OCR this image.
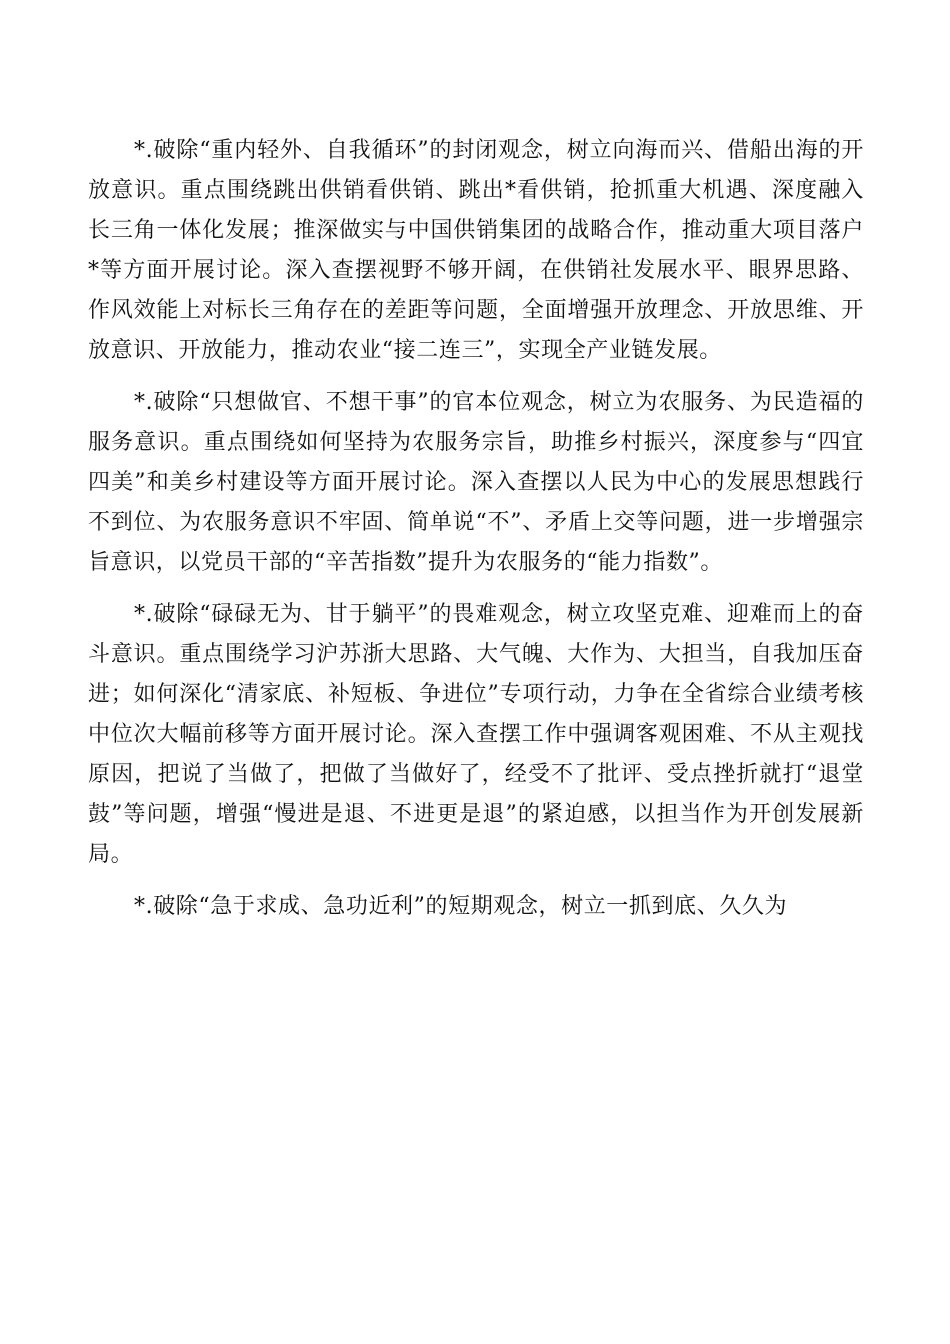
*.破除“重内轻外、自我循环”的封闭观念，树立向海而兴、借船出海的开放意识。重点围绕跳出供销看供销、跳出*看供销，抢抓重大机遇、深度融入长三角一体化发展；推深做实与中国供销集团的战略合作，推动重大项目落户*等方面开展讨论。深入查摆视野不够开阔，在供销社发展水平、眼界思路、作风效能上对标长三角存在的差距等问题，全面增强开放理念、开放思维、开放意识、开放能力，推动农业“接二连三”，实现全产业链发展。

*.破除“只想做官、不想干事”的官本位观念，树立为农服务、为民造福的服务意识。重点围绕如何坚持为农服务宗旨，助推乡村振兴，深度参与“四宜四美”和美乡村建设等方面开展讨论。深入查摆以人民为中心的发展思想践行不到位、为农服务意识不牢固、简单说“不”、矛盾上交等问题，进一步增强宗旨意识，以党员干部的“辛苦指数”提升为农服务的“能力指数”。

*.破除“碌碌无为、甘于躺平”的畏难观念，树立攻坚克难、迎难而上的奋斗意识。重点围绕学习沪苏浙大思路、大气魄、大作为、大担当，自我加压奋进；如何深化“清家底、补短板、争进位”专项行动，力争在全省综合业绩考核中位次大幅前移等方面开展讨论。深入查摆工作中强调客观困难、不从主观找原因，把说了当做了，把做了当做好了，经受不了批评、受点挫折就打“退堂鼓”等问题，增强“慢进是退、不进更是退”的紧迫感，以担当作为开创发展新局。

*.破除“急于求成、急功近利”的短期观念，树立一抓到底、久久为
